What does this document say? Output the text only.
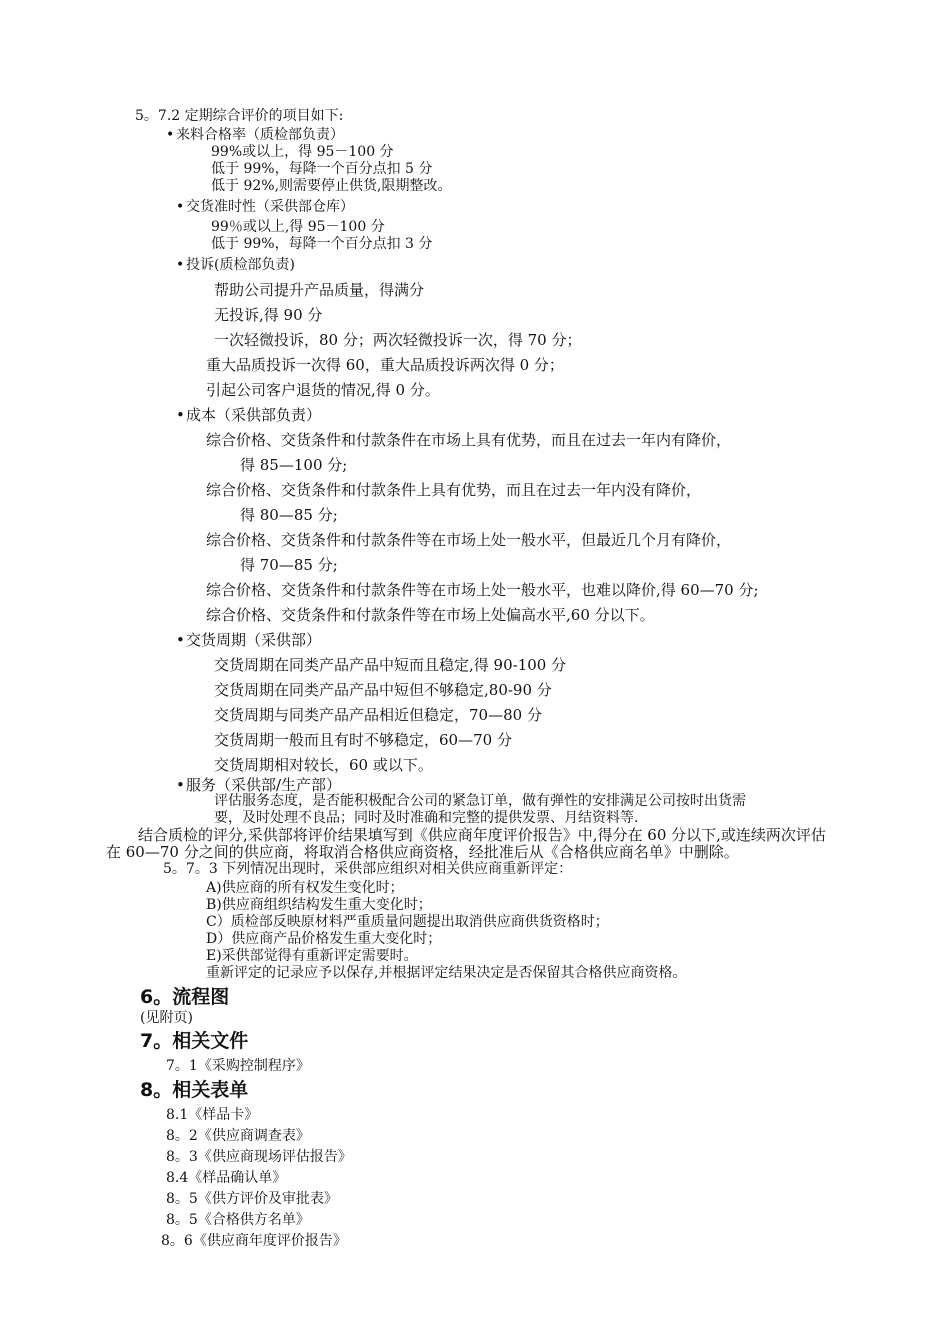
5。7.2 定期综合评价的项目如下:
• 来料合格率（质检部负责）
99%或以上，得 95－100 分
低于 99%，每降一个百分点扣 5 分
低于 92%,则需要停止供货,限期整改。
• 交货准时性（采供部仓库）
99％或以上,得 95－100 分
低于 99%，每降一个百分点扣 3 分
• 投诉(质检部负责)
帮助公司提升产品质量，得满分
无投诉,得 90 分
一次轻微投诉，80 分；两次轻微投诉一次，得 70 分；
重大品质投诉一次得 60，重大品质投诉两次得 0 分；
引起公司客户退货的情况,得 0 分。
•成本（采供部负责）
综合价格、交货条件和付款条件在市场上具有优势，而且在过去一年内有降价，
得 85—100 分;
综合价格、交货条件和付款条件上具有优势，而且在过去一年内没有降价，
得 80—85 分;
综合价格、交货条件和付款条件等在市场上处一般水平，但最近几个月有降价，
得 70—85 分;
综合价格、交货条件和付款条件等在市场上处一般水平，也难以降价,得 60—70 分;
综合价格、交货条件和付款条件等在市场上处偏高水平,60 分以下。
•交货周期（采供部）
交货周期在同类产品产品中短而且稳定,得 90-100 分
交货周期在同类产品产品中短但不够稳定,80-90 分
交货周期与同类产品产品相近但稳定，70—80 分
交货周期一般而且有时不够稳定，60—70 分
交货周期相对较长，60 或以下。
•服务（采供部/生产部）
评估服务态度，是否能积极配合公司的紧急订单，做有弹性的安排满足公司按时出货需
要，及时处理不良品；同时及时准确和完整的提供发票、月结资料等.
结合质检的评分,采供部将评价结果填写到《供应商年度评价报告》中,得分在 60 分以下,或连续两次评估
在 60—70 分之间的供应商，将取消合格供应商资格，经批准后从《合格供应商名单》中删除。
5。7。3 下列情况出现时，采供部应组织对相关供应商重新评定：
A)供应商的所有权发生变化时；
B)供应商组织结构发生重大变化时；
C）质检部反映原材料严重质量问题提出取消供应商供货资格时；
D）供应商产品价格发生重大变化时；
E)采供部觉得有重新评定需要时。
重新评定的记录应予以保存,并根据评定结果决定是否保留其合格供应商资格。
6。流程图
(见附页)
7。相关文件
7。1《采购控制程序》
8。相关表单
8.1《样品卡》
8。2《供应商调查表》
8。3《供应商现场评估报告》
8.4《样品确认单》
8。5《供方评价及审批表》
8。5《合格供方名单》
8。6《供应商年度评价报告》
